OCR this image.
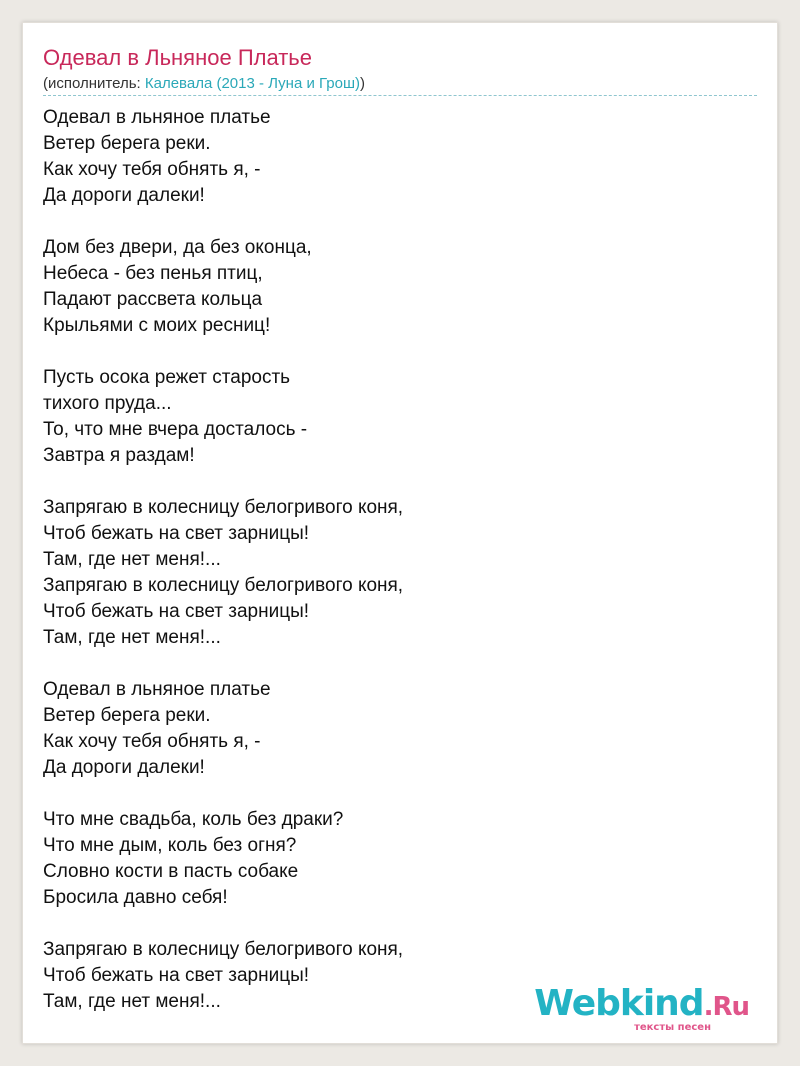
Одевал в Льняное Платье
(исполнитель: Калевала (2013 - Луна и Грош))
Одевал в льняное платье
Ветер берега реки.
Как хочу тебя обнять я, -
Да дороги далеки!
Дом без двери, да без оконца,
Небеса - без пенья птиц,
Падают рассвета кольца
Крыльями с моих ресниц!
Пусть осока режет старость
тихого пруда...
То, что мне вчера досталось -
Завтра я раздам!
Запрягаю в колесницу белогривого коня,
Чтоб бежать на свет зарницы!
Там, где нет меня!...
Запрягаю в колесницу белогривого коня,
Чтоб бежать на свет зарницы!
Там, где нет меня!...
Одевал в льняное платье
Ветер берега реки.
Как хочу тебя обнять я, -
Да дороги далеки!
Что мне свадьба, коль без драки?
Что мне дым, коль без огня?
Словно кости в пасть собаке
Бросила давно себя!
Запрягаю в колесницу белогривого коня,
Чтоб бежать на свет зарницы!
Там, где нет меня!...	Webkind.Ru
тексты песен
